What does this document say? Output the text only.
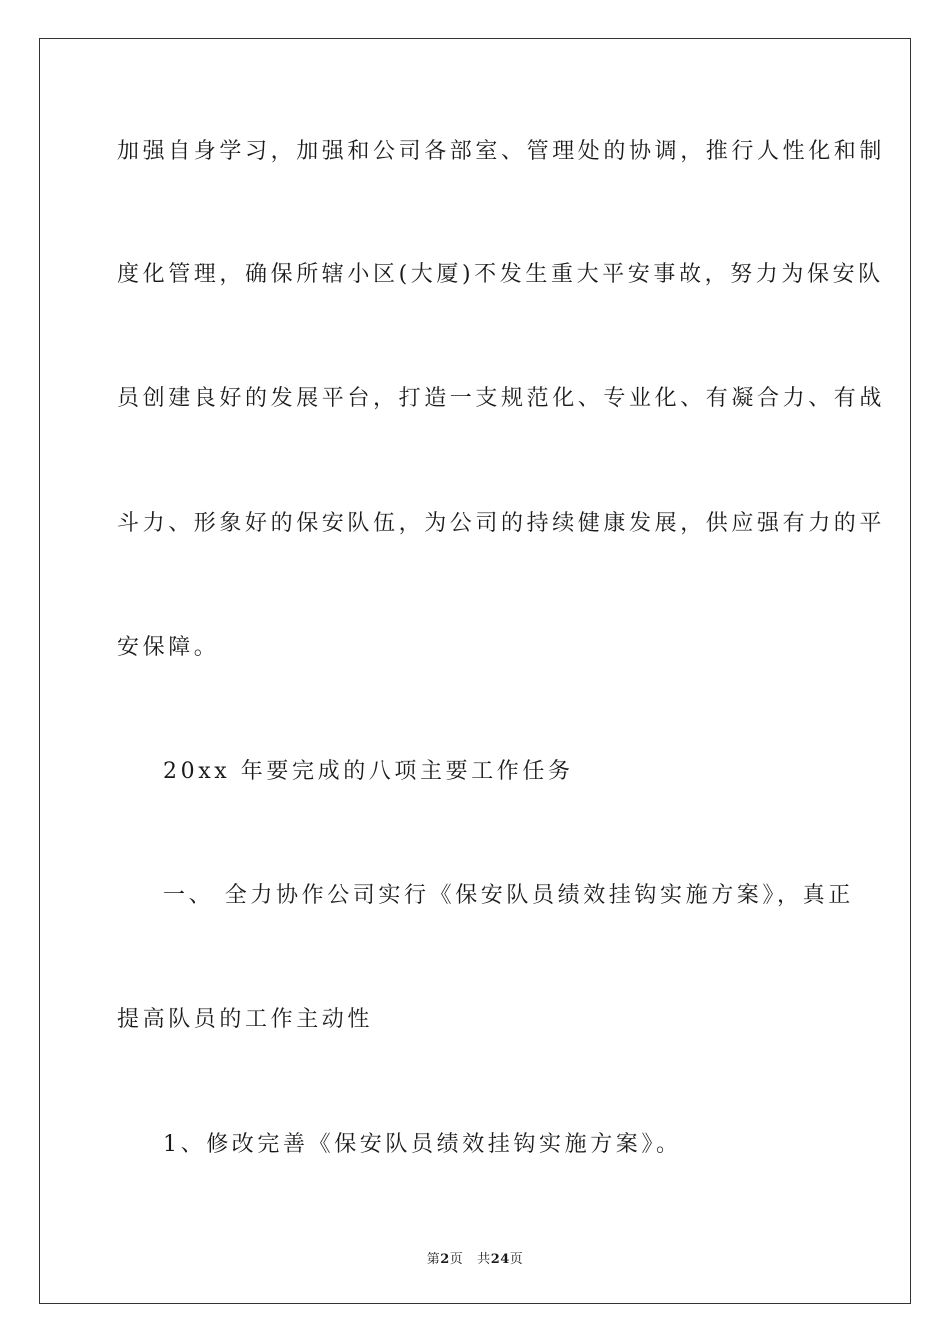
加强自身学习，加强和公司各部室、管理处的协调，推行人性化和制
度化管理，确保所辖小区(大厦)不发生重大平安事故，努力为保安队
员创建良好的发展平台，打造一支规范化、专业化、有凝合力、有战
斗力、形象好的保安队伍，为公司的持续健康发展，供应强有力的平
安保障。
20xx 年要完成的八项主要工作任务
一、 全力协作公司实行《保安队员绩效挂钩实施方案》，真正
提高队员的工作主动性
1、修改完善《保安队员绩效挂钩实施方案》。
第2页 共24页
